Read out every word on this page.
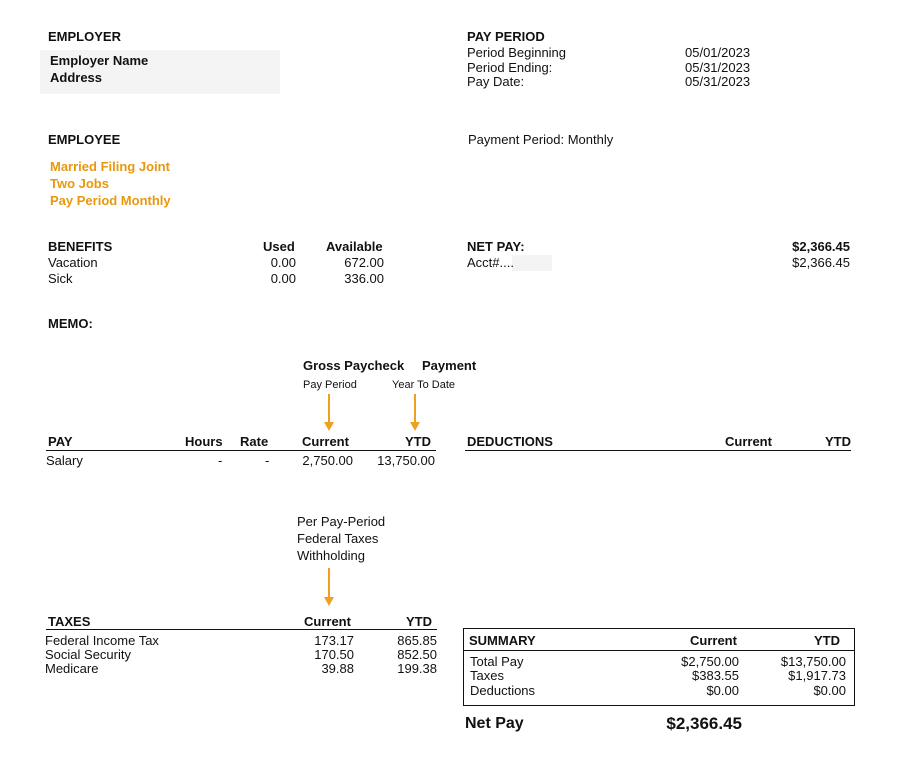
EMPLOYER
Employer Name
Address
PAY PERIOD
Period Beginning	05/01/2023
Period Ending:	05/31/2023
Pay Date:	05/31/2023
Payment Period: Monthly
EMPLOYEE
Married Filing Joint
Two Jobs
Pay Period Monthly
BENEFITS	Used Available
Vacation	0.00	672.00
Sick	0.00	336.00
NET PAY:	$2,366.45
Acct#....	$2,366.45
MEMO:
Gross Paycheck Payment
Pay Period	Year To Date
PAY	Hours Rate	Current	YTD
Salary	-	-	2,750.00	13,750.00
DEDUCTIONS	Current	YTD
Per Pay-Period
Federal Taxes
Withholding
TAXES	Current	YTD
Federal Income Tax	173.17	865.85
Social Security	170.50	852.50
Medicare	39.88	199.38
SUMMARY	Current	YTD
Total Pay	$2,750.00	$13,750.00
Taxes	$383.55	$1,917.73
Deductions	$0.00	$0.00
Net Pay	$2,366.45
